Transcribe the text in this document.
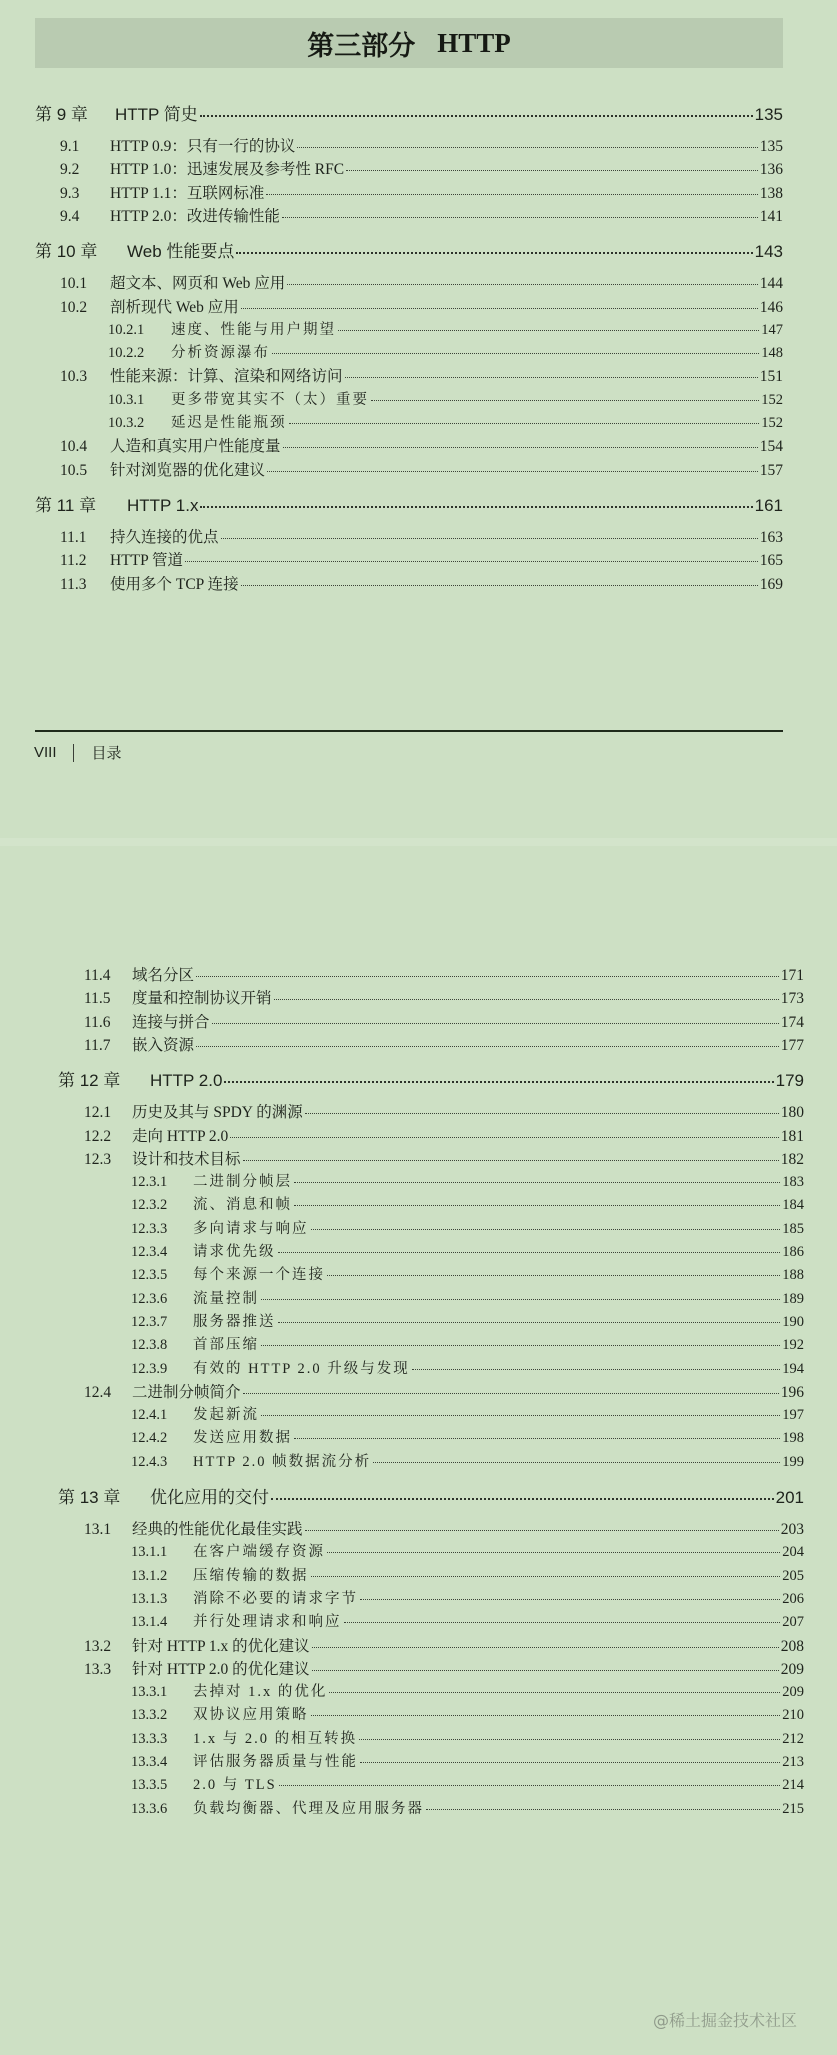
第三部分 HTTP
第 9 章	HTTP 简史	135
9.1	HTTP 0.9：只有一行的协议	135
9.2	HTTP 1.0：迅速发展及参考性 RFC	136
9.3	HTTP 1.1：互联网标准	138
9.4	HTTP 2.0：改进传输性能	141
第 10 章	Web 性能要点	143
10.1	超文本、网页和 Web 应用	144
10.2	剖析现代 Web 应用	146
10.2.1	速度、性能与用户期望	147
10.2.2	分析资源瀑布	148
10.3	性能来源：计算、渲染和网络访问	151
10.3.1	更多带宽其实不（太）重要	152
10.3.2	延迟是性能瓶颈	152
10.4	人造和真实用户性能度量	154
10.5	针对浏览器的优化建议	157
第 11 章	HTTP 1.x	161
11.1	持久连接的优点	163
11.2	HTTP 管道	165
11.3	使用多个 TCP 连接	169
VIII 目录
11.4	域名分区	171
11.5	度量和控制协议开销	173
11.6	连接与拼合	174
11.7	嵌入资源	177
第 12 章	HTTP 2.0	179
12.1	历史及其与 SPDY 的渊源	180
12.2	走向 HTTP 2.0	181
12.3	设计和技术目标	182
12.3.1	二进制分帧层	183
12.3.2	流、消息和帧	184
12.3.3	多向请求与响应	185
12.3.4	请求优先级	186
12.3.5	每个来源一个连接	188
12.3.6	流量控制	189
12.3.7	服务器推送	190
12.3.8	首部压缩	192
12.3.9	有效的 HTTP 2.0 升级与发现	194
12.4	二进制分帧简介	196
12.4.1	发起新流	197
12.4.2	发送应用数据	198
12.4.3	HTTP 2.0 帧数据流分析	199
第 13 章	优化应用的交付	201
13.1	经典的性能优化最佳实践	203
13.1.1	在客户端缓存资源	204
13.1.2	压缩传输的数据	205
13.1.3	消除不必要的请求字节	206
13.1.4	并行处理请求和响应	207
13.2	针对 HTTP 1.x 的优化建议	208
13.3	针对 HTTP 2.0 的优化建议	209
13.3.1	去掉对 1.x 的优化	209
13.3.2	双协议应用策略	210
13.3.3	1.x 与 2.0 的相互转换	212
13.3.4	评估服务器质量与性能	213
13.3.5	2.0 与 TLS	214
13.3.6	负载均衡器、代理及应用服务器	215
@稀土掘金技术社区
